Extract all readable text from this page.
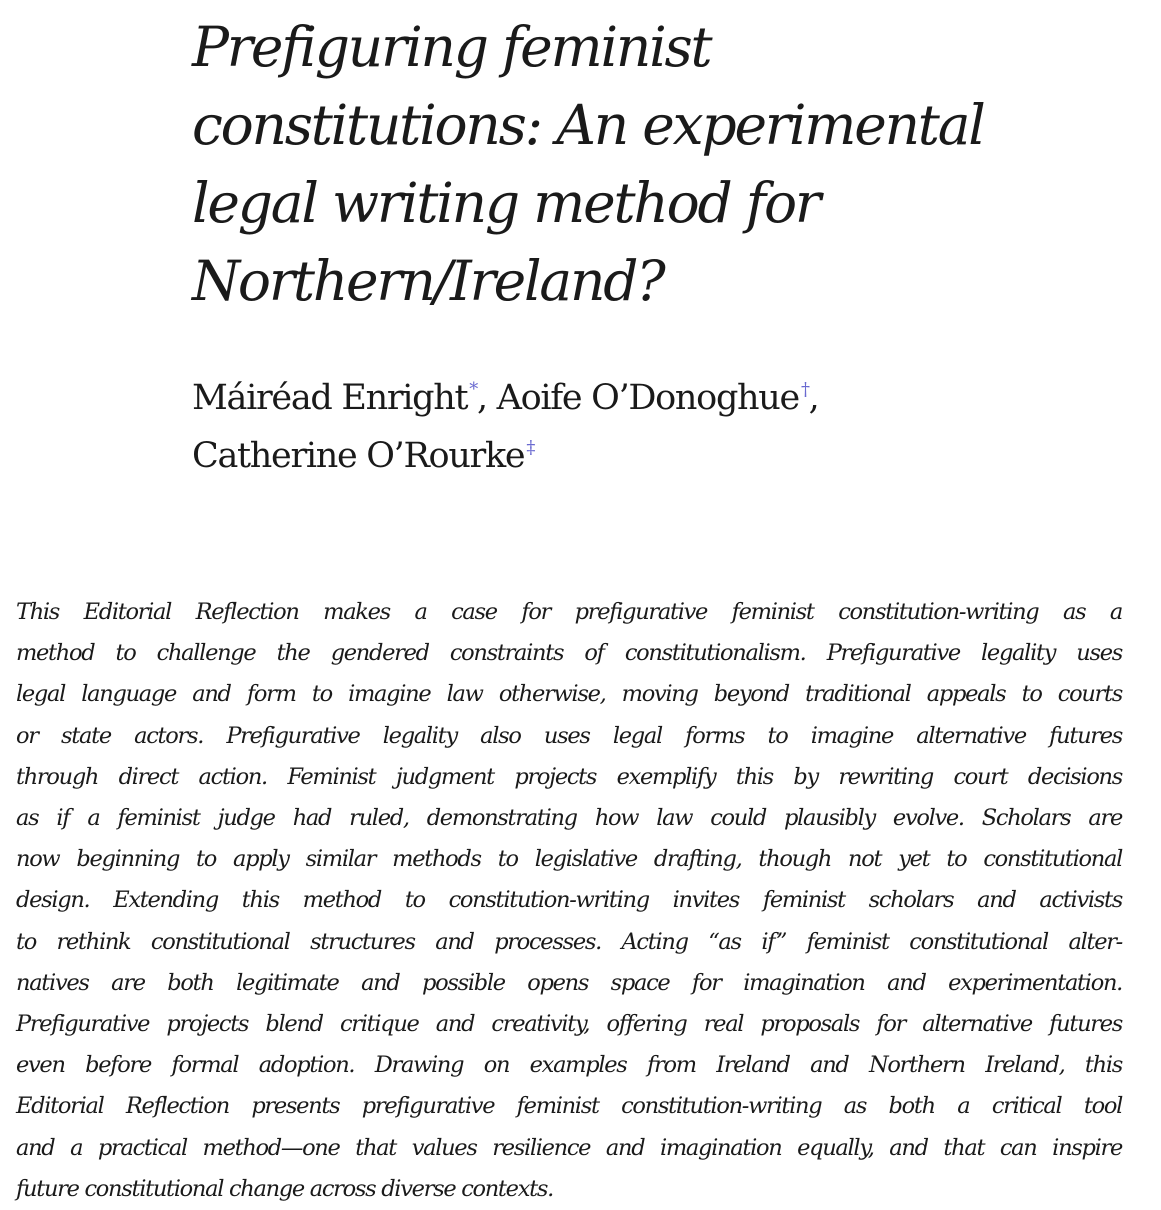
Prefiguring feminist
constitutions: An experimental
legal writing method for
Northern/Ireland?
Máiréad Enright *, Aoife O’Donoghue †,
Catherine O’Rourke ‡
This Editorial Reflection makes a case for prefigurative feminist constitution-writing as a
method to challenge the gendered constraints of constitutionalism. Prefigurative legality uses
legal language and form to imagine law otherwise, moving beyond traditional appeals to courts
or state actors. Prefigurative legality also uses legal forms to imagine alternative futures
through direct action. Feminist judgment projects exemplify this by rewriting court decisions
as if a feminist judge had ruled, demonstrating how law could plausibly evolve. Scholars are
now beginning to apply similar methods to legislative drafting, though not yet to constitutional
design. Extending this method to constitution-writing invites feminist scholars and activists
to rethink constitutional structures and processes. Acting “as if” feminist constitutional alter-
natives are both legitimate and possible opens space for imagination and experimentation.
Prefigurative projects blend critique and creativity, offering real proposals for alternative futures
even before formal adoption. Drawing on examples from Ireland and Northern Ireland, this
Editorial Reflection presents prefigurative feminist constitution-writing as both a critical tool
and a practical method—one that values resilience and imagination equally, and that can inspire
future constitutional change across diverse contexts.
